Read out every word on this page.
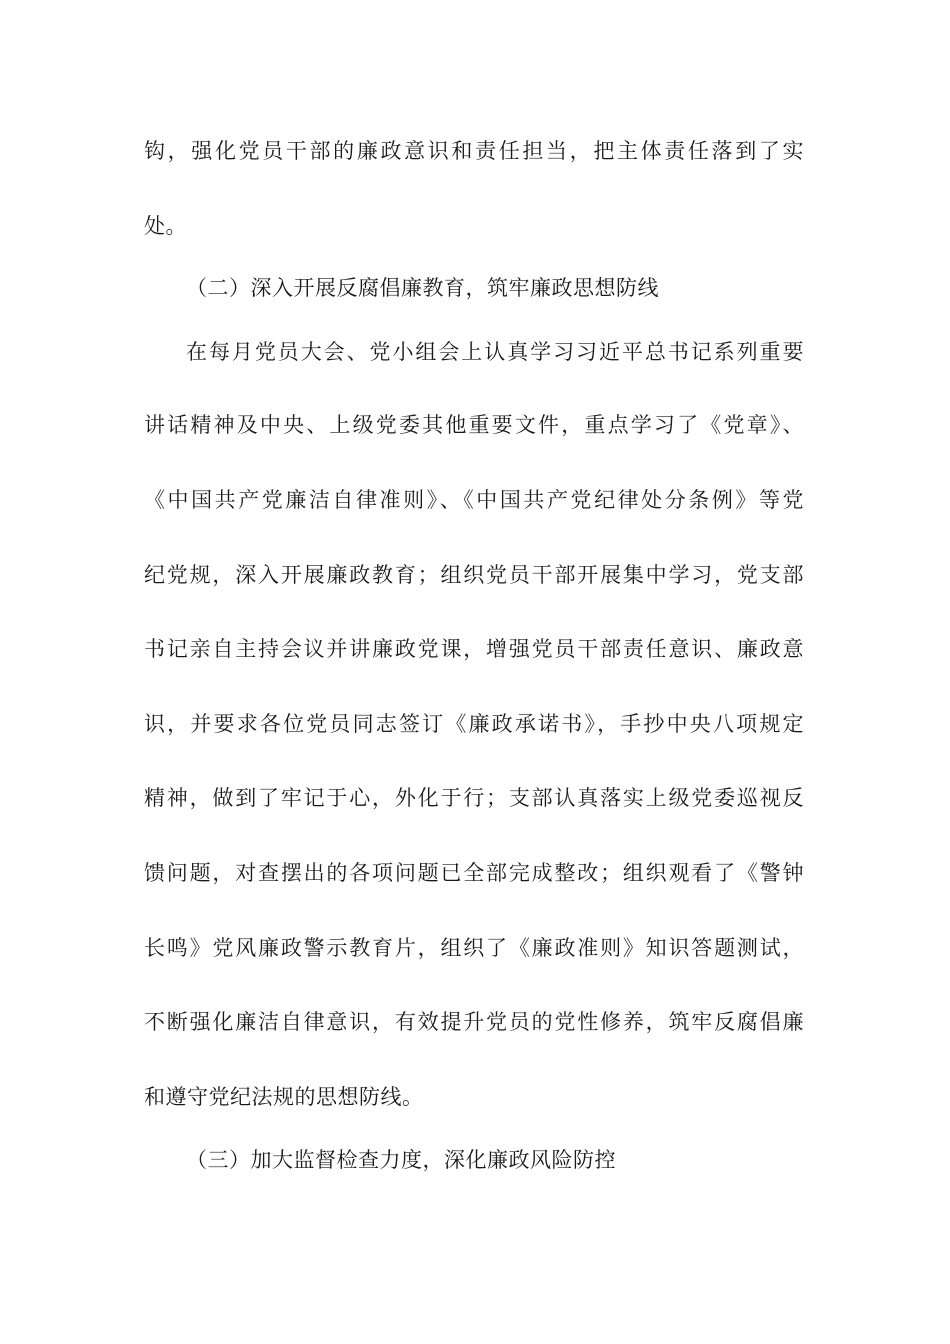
钩，强化党员干部的廉政意识和责任担当，把主体责任落到了实

处。

（二）深入开展反腐倡廉教育，筑牢廉政思想防线

在每月党员大会、党小组会上认真学习习近平总书记系列重要

讲话精神及中央、上级党委其他重要文件，重点学习了《党章》、

《中国共产党廉洁自律准则》、《中国共产党纪律处分条例》等党

纪党规，深入开展廉政教育；组织党员干部开展集中学习，党支部

书记亲自主持会议并讲廉政党课，增强党员干部责任意识、廉政意

识，并要求各位党员同志签订《廉政承诺书》，手抄中央八项规定

精神，做到了牢记于心，外化于行；支部认真落实上级党委巡视反

馈问题，对查摆出的各项问题已全部完成整改；组织观看了《警钟

长鸣》党风廉政警示教育片，组织了《廉政准则》知识答题测试，

不断强化廉洁自律意识，有效提升党员的党性修养，筑牢反腐倡廉

和遵守党纪法规的思想防线。

（三）加大监督检查力度，深化廉政风险防控
